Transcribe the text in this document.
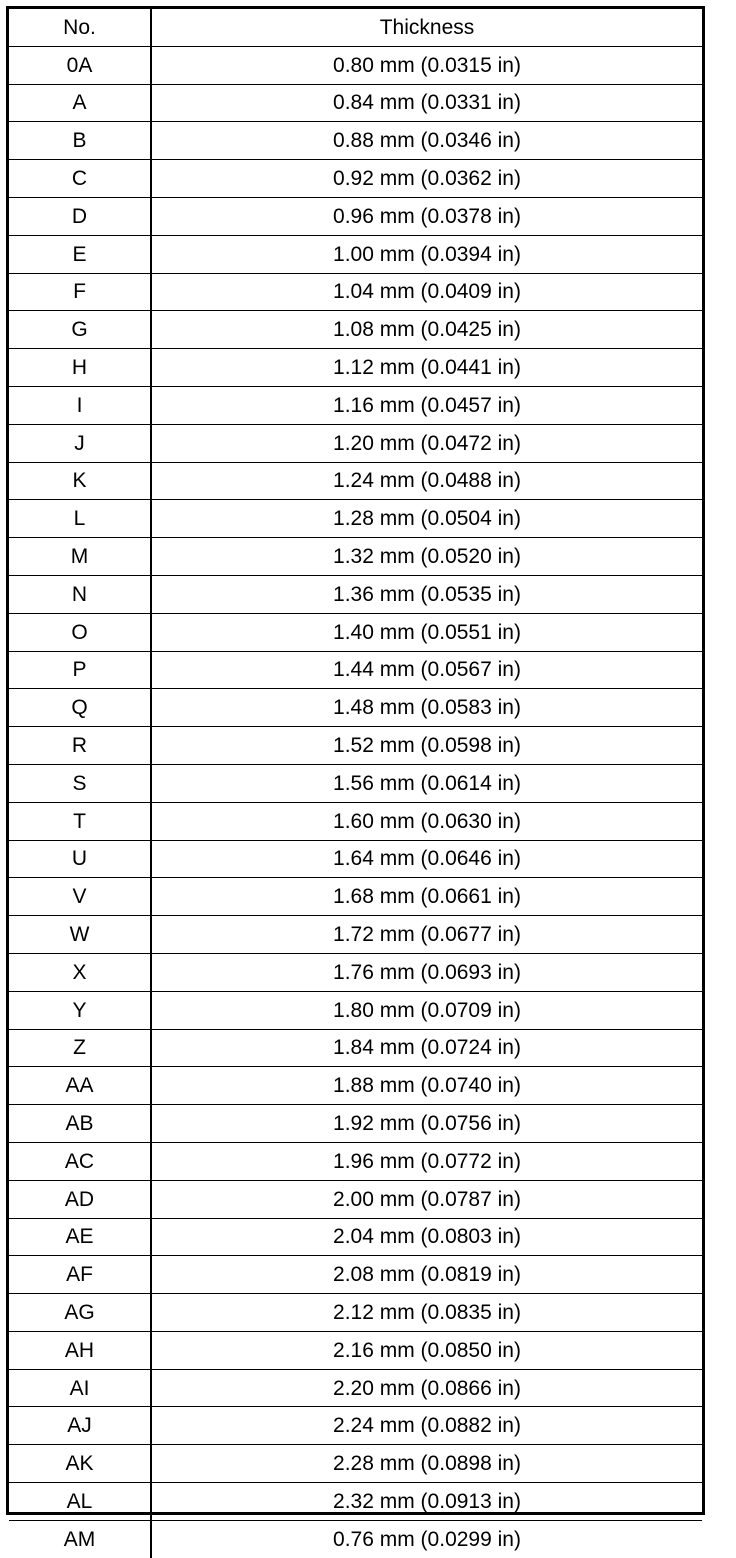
No.	Thickness
0A	0.80 mm (0.0315 in)
A	0.84 mm (0.0331 in)
B	0.88 mm (0.0346 in)
C	0.92 mm (0.0362 in)
D	0.96 mm (0.0378 in)
E	1.00 mm (0.0394 in)
F	1.04 mm (0.0409 in)
G	1.08 mm (0.0425 in)
H	1.12 mm (0.0441 in)
I	1.16 mm (0.0457 in)
J	1.20 mm (0.0472 in)
K	1.24 mm (0.0488 in)
L	1.28 mm (0.0504 in)
M	1.32 mm (0.0520 in)
N	1.36 mm (0.0535 in)
O	1.40 mm (0.0551 in)
P	1.44 mm (0.0567 in)
Q	1.48 mm (0.0583 in)
R	1.52 mm (0.0598 in)
S	1.56 mm (0.0614 in)
T	1.60 mm (0.0630 in)
U	1.64 mm (0.0646 in)
V	1.68 mm (0.0661 in)
W	1.72 mm (0.0677 in)
X	1.76 mm (0.0693 in)
Y	1.80 mm (0.0709 in)
Z	1.84 mm (0.0724 in)
AA	1.88 mm (0.0740 in)
AB	1.92 mm (0.0756 in)
AC	1.96 mm (0.0772 in)
AD	2.00 mm (0.0787 in)
AE	2.04 mm (0.0803 in)
AF	2.08 mm (0.0819 in)
AG	2.12 mm (0.0835 in)
AH	2.16 mm (0.0850 in)
AI	2.20 mm (0.0866 in)
AJ	2.24 mm (0.0882 in)
AK	2.28 mm (0.0898 in)
AL	2.32 mm (0.0913 in)
AM	0.76 mm (0.0299 in)
